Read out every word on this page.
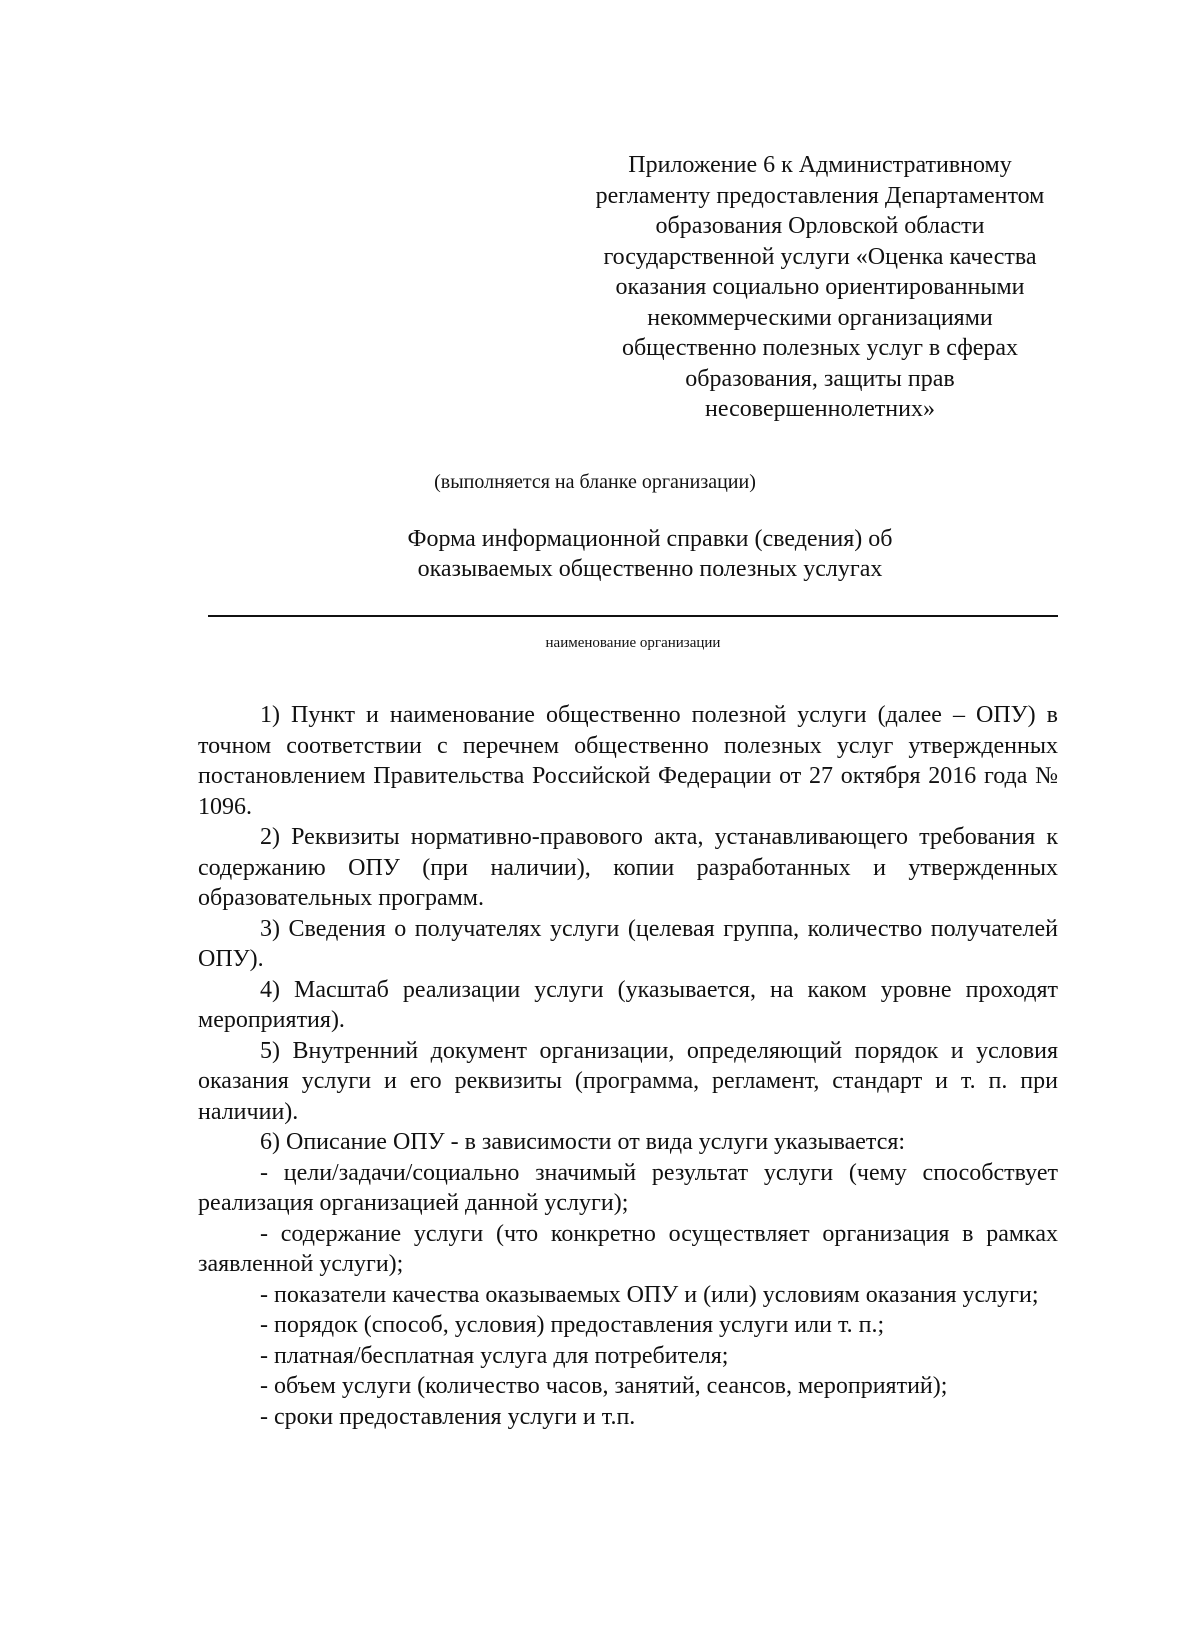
Приложение 6 к Административному
регламенту предоставления Департаментом
образования Орловской области
государственной услуги «Оценка качества
оказания социально ориентированными
некоммерческими организациями
общественно полезных услуг в сферах
образования, защиты прав
несовершеннолетних»
(выполняется на бланке организации)
Форма информационной справки (сведения) об
оказываемых общественно полезных услугах
наименование организации

1) Пункт и наименование общественно полезной услуги (далее – ОПУ) в точном соответствии с перечнем общественно полезных услуг утвержденных постановлением Правительства Российской Федерации от 27 октября 2016 года № 1096.

2) Реквизиты нормативно-правового акта, устанавливающего требования к содержанию ОПУ (при наличии), копии разработанных и утвержденных образовательных программ.

3) Сведения о получателях услуги (целевая группа, количество получателей ОПУ).

4) Масштаб реализации услуги (указывается, на каком уровне проходят мероприятия).

5) Внутренний документ организации, определяющий порядок и условия оказания услуги и его реквизиты (программа, регламент, стандарт и т. п. при наличии).

6) Описание ОПУ - в зависимости от вида услуги указывается:

- цели/задачи/социально значимый результат услуги (чему способствует реализация организацией данной услуги);

- содержание услуги (что конкретно осуществляет организация в рамках заявленной услуги);

- показатели качества оказываемых ОПУ и (или) условиям оказания услуги;

- порядок (способ, условия) предоставления услуги или т. п.;

- платная/бесплатная услуга для потребителя;

- объем услуги (количество часов, занятий, сеансов, мероприятий);

- сроки предоставления услуги и т.п.
